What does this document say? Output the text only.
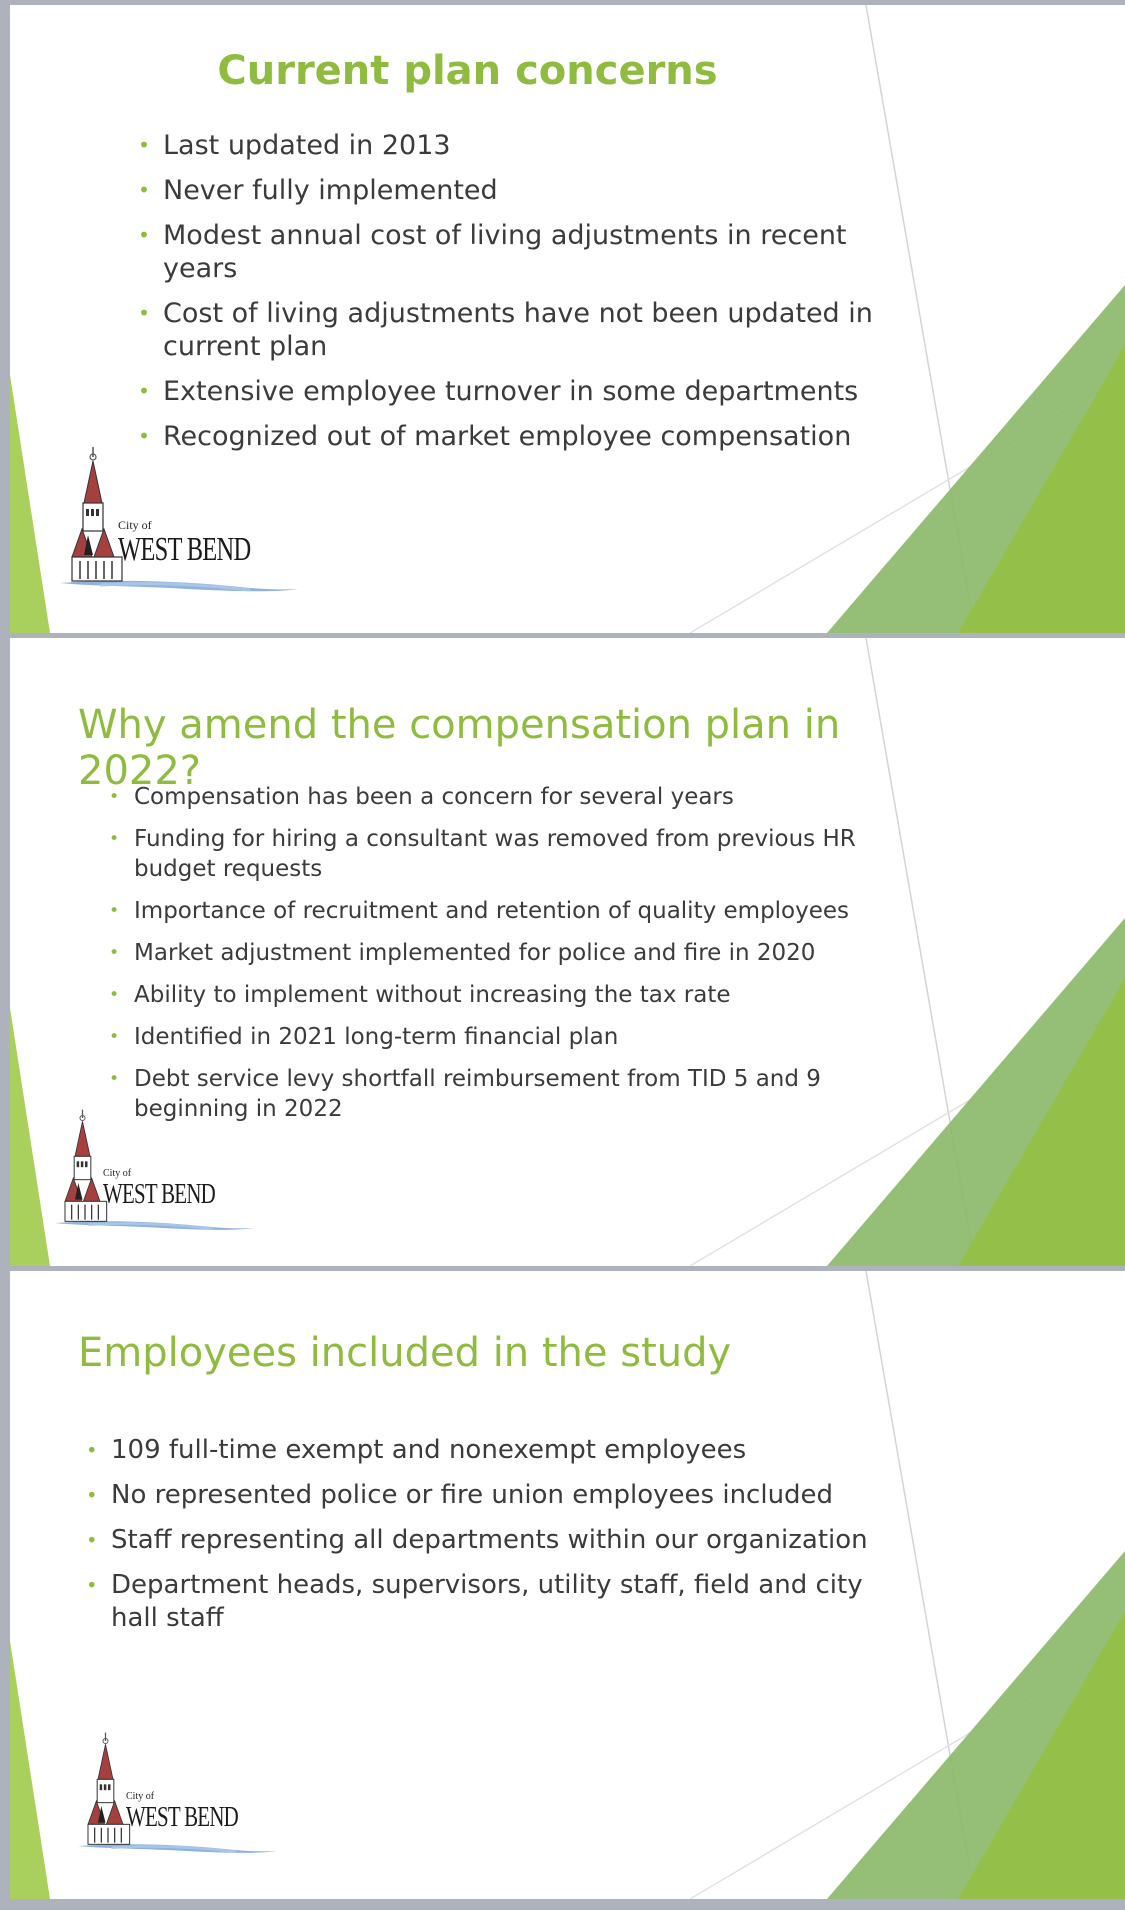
Current plan concerns
• Last updated in 2013
• Never fully implemented
• Modest annual cost of living adjustments in recent years
• Cost of living adjustments have not been updated in current plan
• Extensive employee turnover in some departments
• Recognized out of market employee compensation
City of
WEST BEND
Why amend the compensation plan in 2022?
• Compensation has been a concern for several years
• Funding for hiring a consultant was removed from previous HR budget requests
• Importance of recruitment and retention of quality employees
• Market adjustment implemented for police and fire in 2020
• Ability to implement without increasing the tax rate
• Identified in 2021 long-term financial plan
• Debt service levy shortfall reimbursement from TID 5 and 9 beginning in 2022
City of
WEST BEND
Employees included in the study
• 109 full-time exempt and nonexempt employees
• No represented police or fire union employees included
• Staff representing all departments within our organization
• Department heads, supervisors, utility staff, field and city hall staff
City of
WEST BEND
